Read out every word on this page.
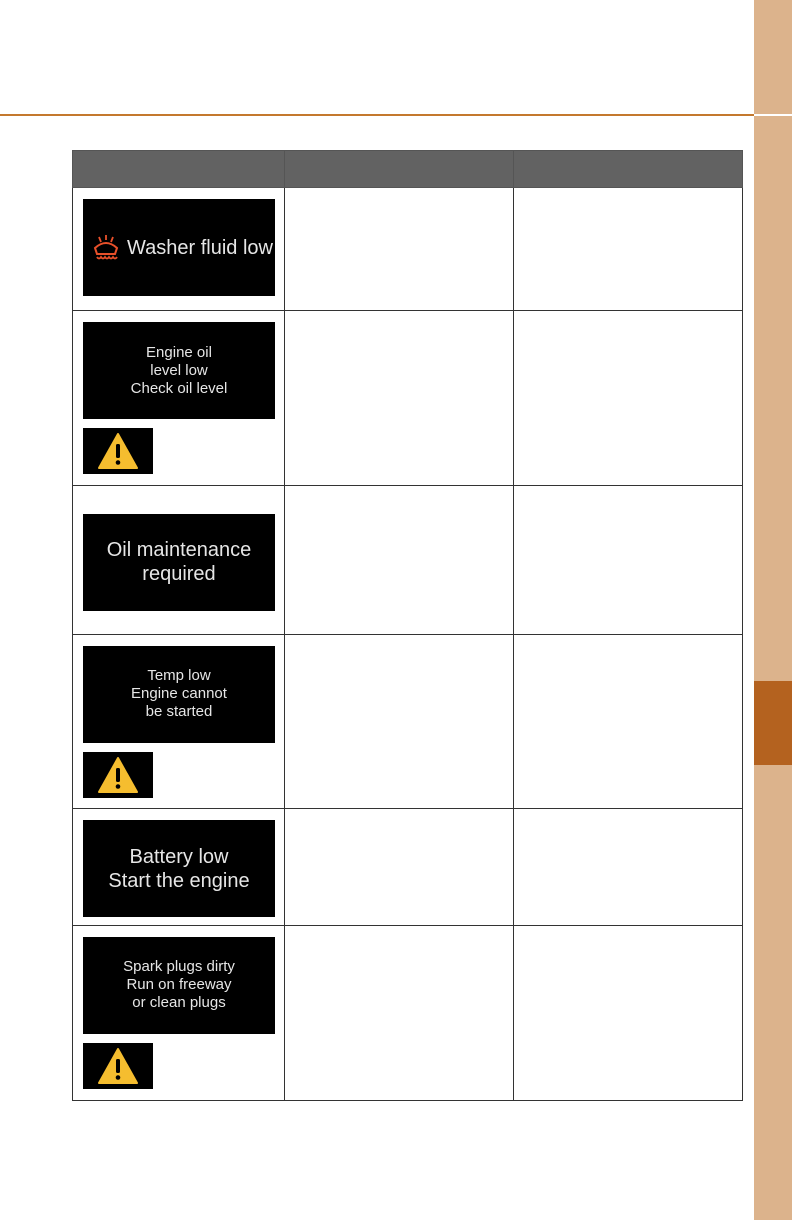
Washer fluid low		

Engine oil
level low
Check oil level		

Oil maintenance
required		

Temp low
Engine cannot
be started		

Battery low
Start the engine		

Spark plugs dirty
Run on freeway
or clean plugs		
